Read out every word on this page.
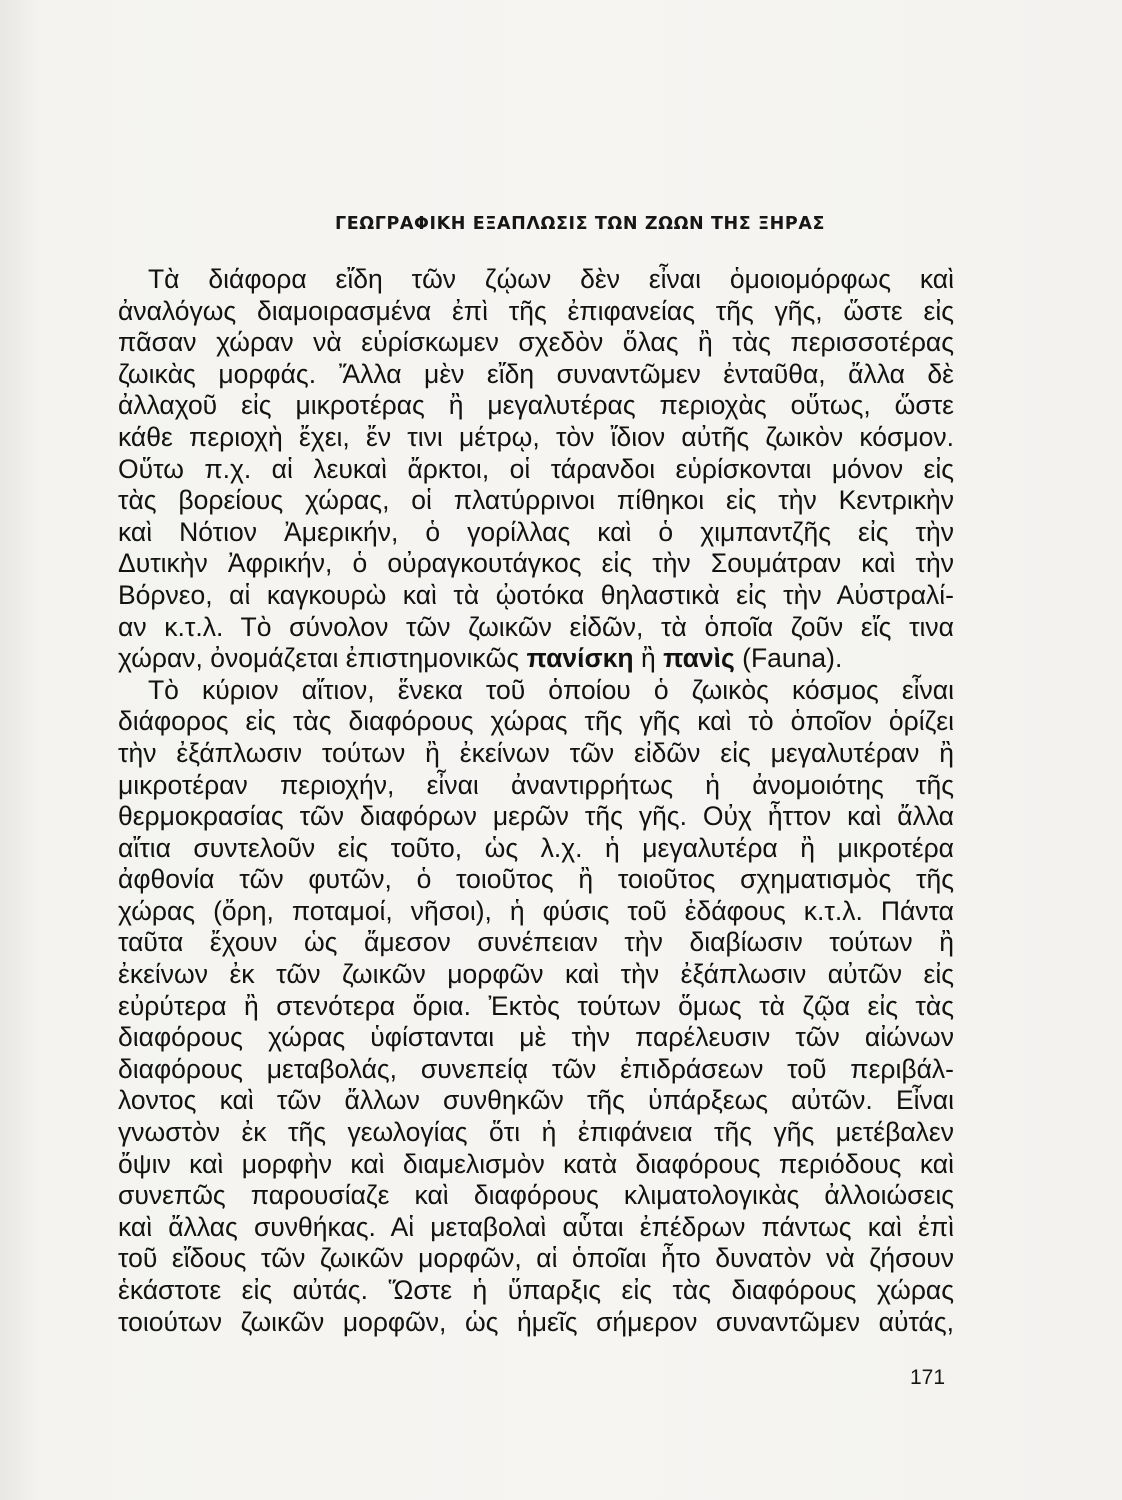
ΓΕΩΓΡΑΦΙΚΗ ΕΞΑΠΛΩΣΙΣ ΤΩΝ ΖΩΩΝ ΤΗΣ ΞΗΡΑΣ
Τὰ διάφορα εἴδη τῶν ζῴων δὲν εἶναι ὁμοιομόρφως καὶ
ἀναλόγως διαμοιρασμένα ἐπὶ τῆς ἐπιφανείας τῆς γῆς, ὥστε εἰς
πᾶσαν χώραν νὰ εὑρίσκωμεν σχεδὸν ὅλας ἢ τὰς περισσοτέρας
ζωικὰς μορφάς. Ἄλλα μὲν εἴδη συναντῶμεν ἐνταῦθα, ἄλλα δὲ
ἀλλαχοῦ εἰς μικροτέρας ἢ μεγαλυτέρας περιοχὰς οὕτως, ὥστε
κάθε περιοχὴ ἔχει, ἔν τινι μέτρῳ, τὸν ἴδιον αὐτῆς ζωικὸν κόσμον.
Οὕτω π.χ. αἱ λευκαὶ ἄρκτοι, οἱ τάρανδοι εὑρίσκονται μόνον εἰς
τὰς βορείους χώρας, οἱ πλατύρρινοι πίθηκοι εἰς τὴν Κεντρικὴν
καὶ Νότιον Ἀμερικήν, ὁ γορίλλας καὶ ὁ χιμπαντζῆς εἰς τὴν
Δυτικὴν Ἀφρικήν, ὁ οὐραγκουτάγκος εἰς τὴν Σουμάτραν καὶ τὴν
Βόρνεο, αἱ καγκουρὼ καὶ τὰ ᾠοτόκα θηλαστικὰ εἰς τὴν Αὐστραλί-
αν κ.τ.λ. Τὸ σύνολον τῶν ζωικῶν εἰδῶν, τὰ ὁποῖα ζοῦν εἴς τινα
χώραν, ὀνομάζεται ἐπιστημονικῶς πανίσκη ἢ πανὶς (Fauna).
Τὸ κύριον αἴτιον, ἕνεκα τοῦ ὁποίου ὁ ζωικὸς κόσμος εἶναι
διάφορος εἰς τὰς διαφόρους χώρας τῆς γῆς καὶ τὸ ὁποῖον ὁρίζει
τὴν ἐξάπλωσιν τούτων ἢ ἐκείνων τῶν εἰδῶν εἰς μεγαλυτέραν ἢ
μικροτέραν περιοχήν, εἶναι ἀναντιρρήτως ἡ ἀνομοιότης τῆς
θερμοκρασίας τῶν διαφόρων μερῶν τῆς γῆς. Οὐχ ἧττον καὶ ἄλλα
αἴτια συντελοῦν εἰς τοῦτο, ὡς λ.χ. ἡ μεγαλυτέρα ἢ μικροτέρα
ἀφθονία τῶν φυτῶν, ὁ τοιοῦτος ἢ τοιοῦτος σχηματισμὸς τῆς
χώρας (ὄρη, ποταμοί, νῆσοι), ἡ φύσις τοῦ ἐδάφους κ.τ.λ. Πάντα
ταῦτα ἔχουν ὡς ἄμεσον συνέπειαν τὴν διαβίωσιν τούτων ἢ
ἐκείνων ἐκ τῶν ζωικῶν μορφῶν καὶ τὴν ἐξάπλωσιν αὐτῶν εἰς
εὐρύτερα ἢ στενότερα ὅρια. Ἐκτὸς τούτων ὅμως τὰ ζῷα εἰς τὰς
διαφόρους χώρας ὑφίστανται μὲ τὴν παρέλευσιν τῶν αἰώνων
διαφόρους μεταβολάς, συνεπείᾳ τῶν ἐπιδράσεων τοῦ περιβάλ-
λοντος καὶ τῶν ἄλλων συνθηκῶν τῆς ὑπάρξεως αὐτῶν. Εἶναι
γνωστὸν ἐκ τῆς γεωλογίας ὅτι ἡ ἐπιφάνεια τῆς γῆς μετέβαλεν
ὄψιν καὶ μορφὴν καὶ διαμελισμὸν κατὰ διαφόρους περιόδους καὶ
συνεπῶς παρουσίαζε καὶ διαφόρους κλιματολογικὰς ἀλλοιώσεις
καὶ ἄλλας συνθήκας. Αἱ μεταβολαὶ αὗται ἐπέδρων πάντως καὶ ἐπὶ
τοῦ εἴδους τῶν ζωικῶν μορφῶν, αἱ ὁποῖαι ἦτο δυνατὸν νὰ ζήσουν
ἑκάστοτε εἰς αὐτάς. Ὥστε ἡ ὕπαρξις εἰς τὰς διαφόρους χώρας
τοιούτων ζωικῶν μορφῶν, ὡς ἡμεῖς σήμερον συναντῶμεν αὐτάς,
171
